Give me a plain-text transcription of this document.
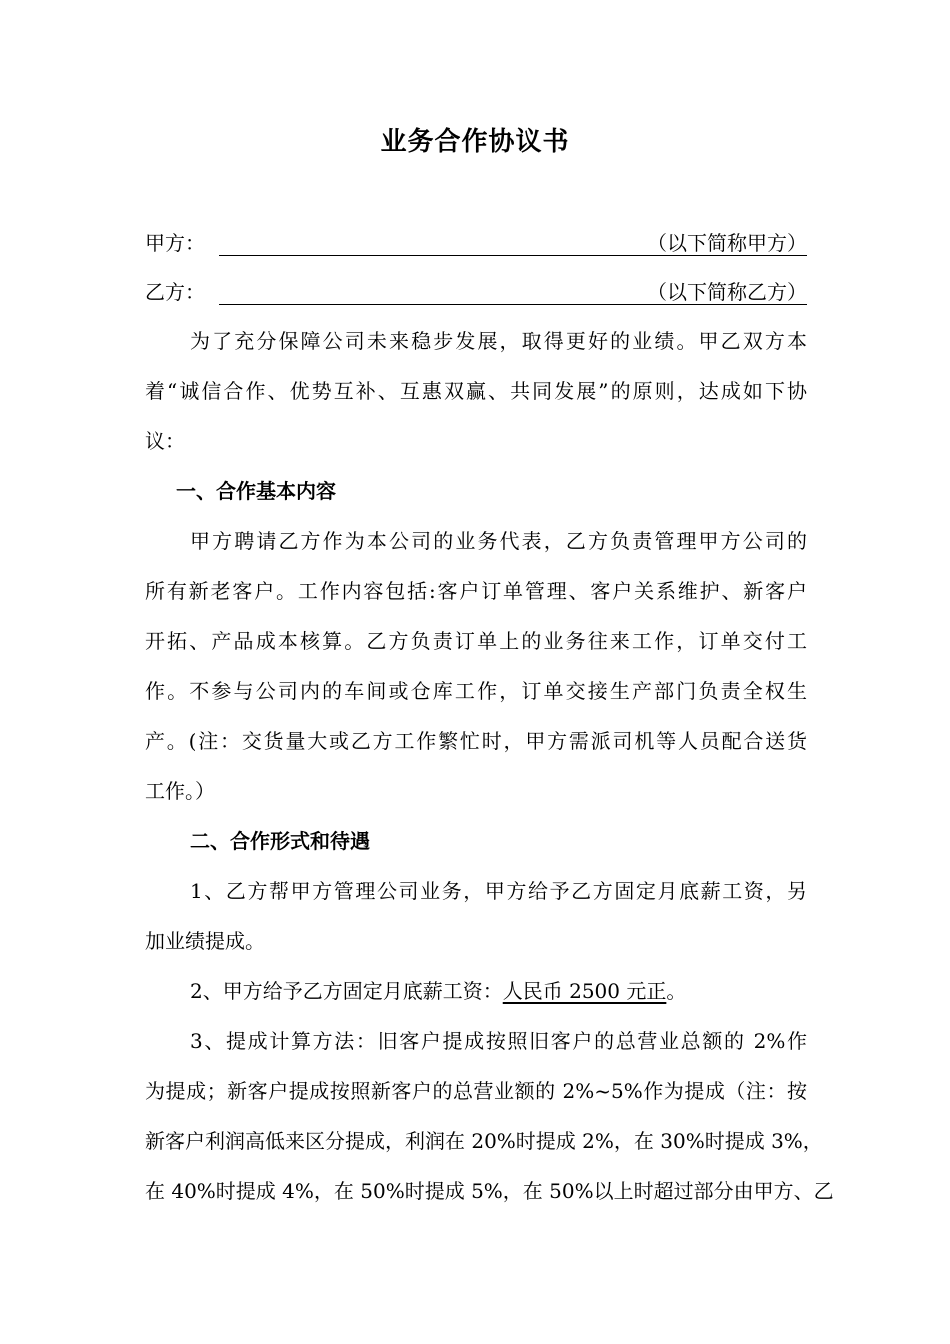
业务合作协议书
甲方：	（以下简称甲方）
乙方：	（以下简称乙方）
为了充分保障公司未来稳步发展，取得更好的业绩。甲乙双方本
着“诚信合作、优势互补、互惠双赢、共同发展”的原则，达成如下协
议：
一、合作基本内容
甲方聘请乙方作为本公司的业务代表，乙方负责管理甲方公司的
所有新老客户。工作内容包括:客户订单管理、客户关系维护、新客户
开拓、产品成本核算。乙方负责订单上的业务往来工作，订单交付工
作。不参与公司内的车间或仓库工作，订单交接生产部门负责全权生
产。(注：交货量大或乙方工作繁忙时，甲方需派司机等人员配合送货
工作。）
二、合作形式和待遇
1、乙方帮甲方管理公司业务，甲方给予乙方固定月底薪工资，另
加业绩提成。
2、甲方给予乙方固定月底薪工资：人民币 2500 元正。
3、提成计算方法：旧客户提成按照旧客户的总营业总额的 2%作
为提成；新客户提成按照新客户的总营业额的 2%~5%作为提成（注：按
新客户利润高低来区分提成，利润在 20%时提成 2%，在 30%时提成 3%，
在 40%时提成 4%，在 50%时提成 5%，在 50%以上时超过部分由甲方、乙
